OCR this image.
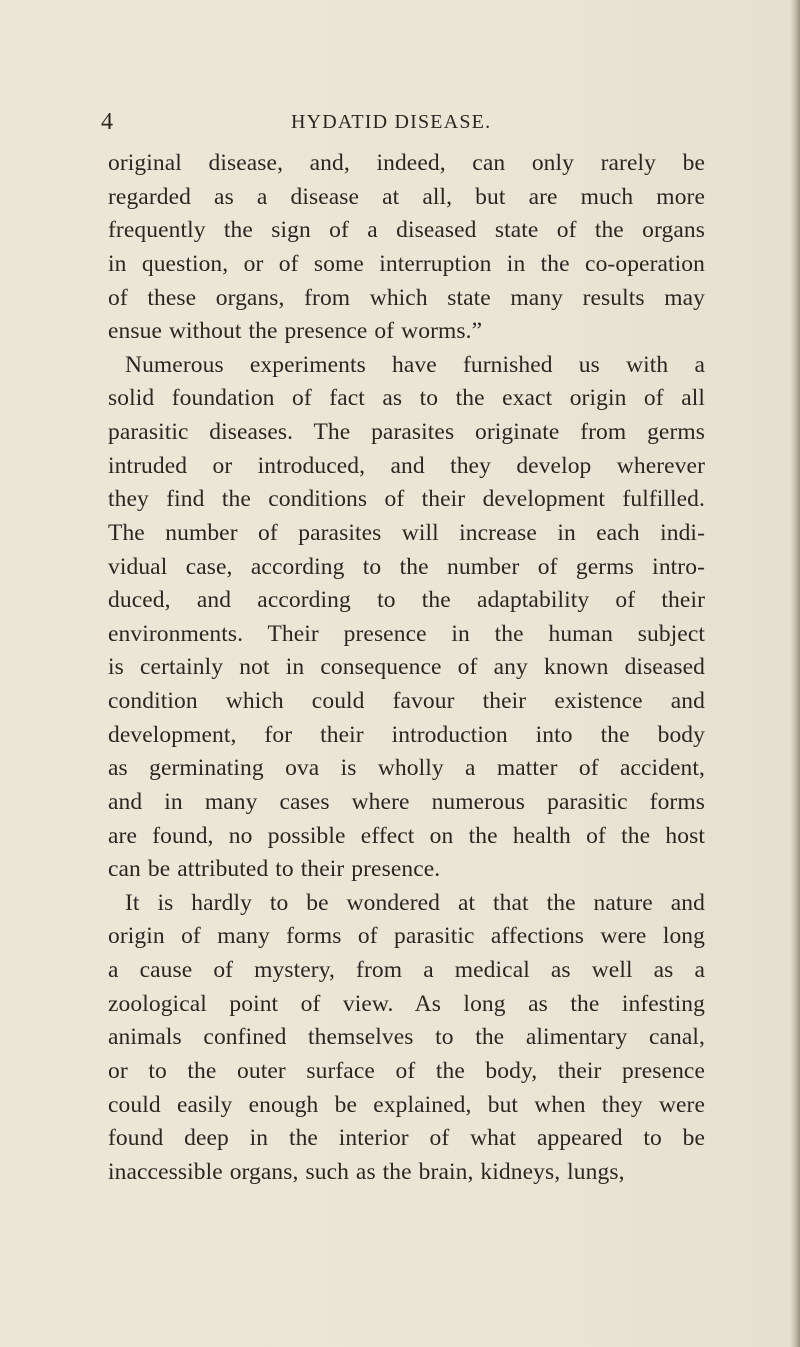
4	HYDATID DISEASE.
original disease, and, indeed, can only rarely be
regarded as a disease at all, but are much more
frequently the sign of a diseased state of the organs
in question, or of some interruption in the co-operation
of these organs, from which state many results may
ensue without the presence of worms.”
Numerous experiments have furnished us with a
solid foundation of fact as to the exact origin of all
parasitic diseases. The parasites originate from germs
intruded or introduced, and they develop wherever
they find the conditions of their development fulfilled.
The number of parasites will increase in each indi-
vidual case, according to the number of germs intro-
duced, and according to the adaptability of their
environments. Their presence in the human subject
is certainly not in consequence of any known diseased
condition which could favour their existence and
development, for their introduction into the body
as germinating ova is wholly a matter of accident,
and in many cases where numerous parasitic forms
are found, no possible effect on the health of the host
can be attributed to their presence.
It is hardly to be wondered at that the nature and
origin of many forms of parasitic affections were long
a cause of mystery, from a medical as well as a
zoological point of view. As long as the infesting
animals confined themselves to the alimentary canal,
or to the outer surface of the body, their presence
could easily enough be explained, but when they were
found deep in the interior of what appeared to be
inaccessible organs, such as the brain, kidneys, lungs,
